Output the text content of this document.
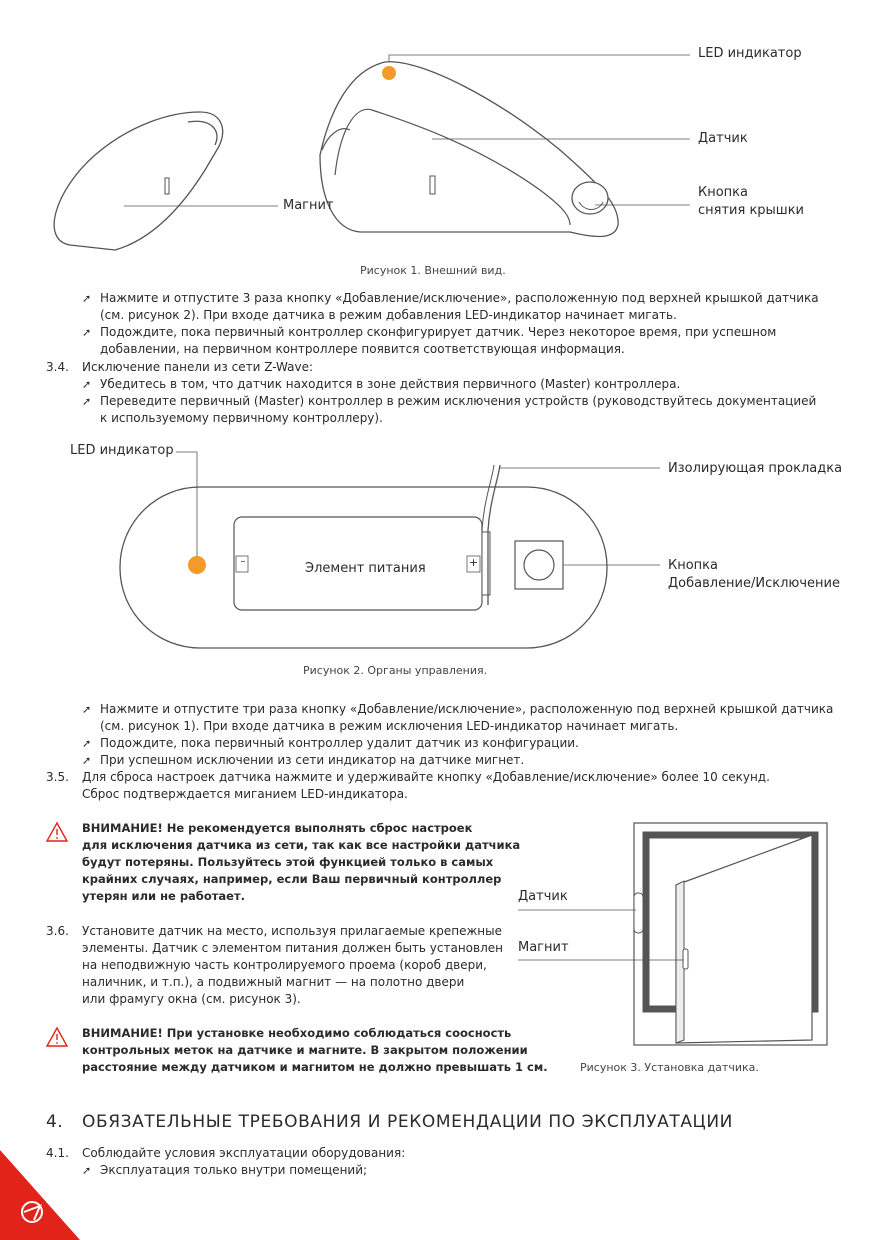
LED индикатор
Датчик
Кнопка
снятия крышки
Магнит
Рисунок 1. Внешний вид.
➚ Нажмите и отпустите 3 раза кнопку «Добавление/исключение», расположенную под верхней крышкой датчика
(см. рисунок 2). При входе датчика в режим добавления LED-индикатор начинает мигать.
➚ Подождите, пока первичный контроллер сконфигурирует датчик. Через некоторое время, при успешном
добавлении, на первичном контроллере появится соответствующая информация.
3.4. Исключение панели из сети Z-Wave:
➚ Убедитесь в том, что датчик находится в зоне действия первичного (Master) контроллера.
➚ Переведите первичный (Master) контроллер в режим исключения устройств (руководствуйтесь документацией
к используемому первичному контроллеру).
LED индикатор
Изолирующая прокладка
Элемент питания
–	+	Кнопка
Добавление/Исключение
Рисунок 2. Органы управления.
➚ Нажмите и отпустите три раза кнопку «Добавление/исключение», расположенную под верхней крышкой датчика
(см. рисунок 1). При входе датчика в режим исключения LED-индикатор начинает мигать.
➚ Подождите, пока первичный контроллер удалит датчик из конфигурации.
➚ При успешном исключении из сети индикатор на датчике мигнет.
3.5. Для сброса настроек датчика нажмите и удерживайте кнопку «Добавление/исключение» более 10 секунд.
Сброс подтверждается миганием LED-индикатора.
ВНИМАНИЕ! Не рекомендуется выполнять сброс настроек
для исключения датчика из сети, так как все настройки датчика
будут потеряны. Пользуйтесь этой функцией только в самых
крайних случаях, например, если Ваш первичный контроллер
утерян или не работает.
3.6. Установите датчик на место, используя прилагаемые крепежные
элементы. Датчик с элементом питания должен быть установлен
на неподвижную часть контролируемого проема (короб двери,
наличник, и т.п.), а подвижный магнит — на полотно двери
или фрамугу окна (см. рисунок 3).
ВНИМАНИЕ! При установке необходимо соблюдаться соосность
контрольных меток на датчике и магните. В закрытом положении
расстояние между датчиком и магнитом не должно превышать 1 см.
Датчик
Магнит
Рисунок 3. Установка датчика.
4. ОБЯЗАТЕЛЬНЫЕ ТРЕБОВАНИЯ И РЕКОМЕНДАЦИИ ПО ЭКСПЛУАТАЦИИ
4.1. Соблюдайте условия эксплуатации оборудования:
➚ Эксплуатация только внутри помещений;
